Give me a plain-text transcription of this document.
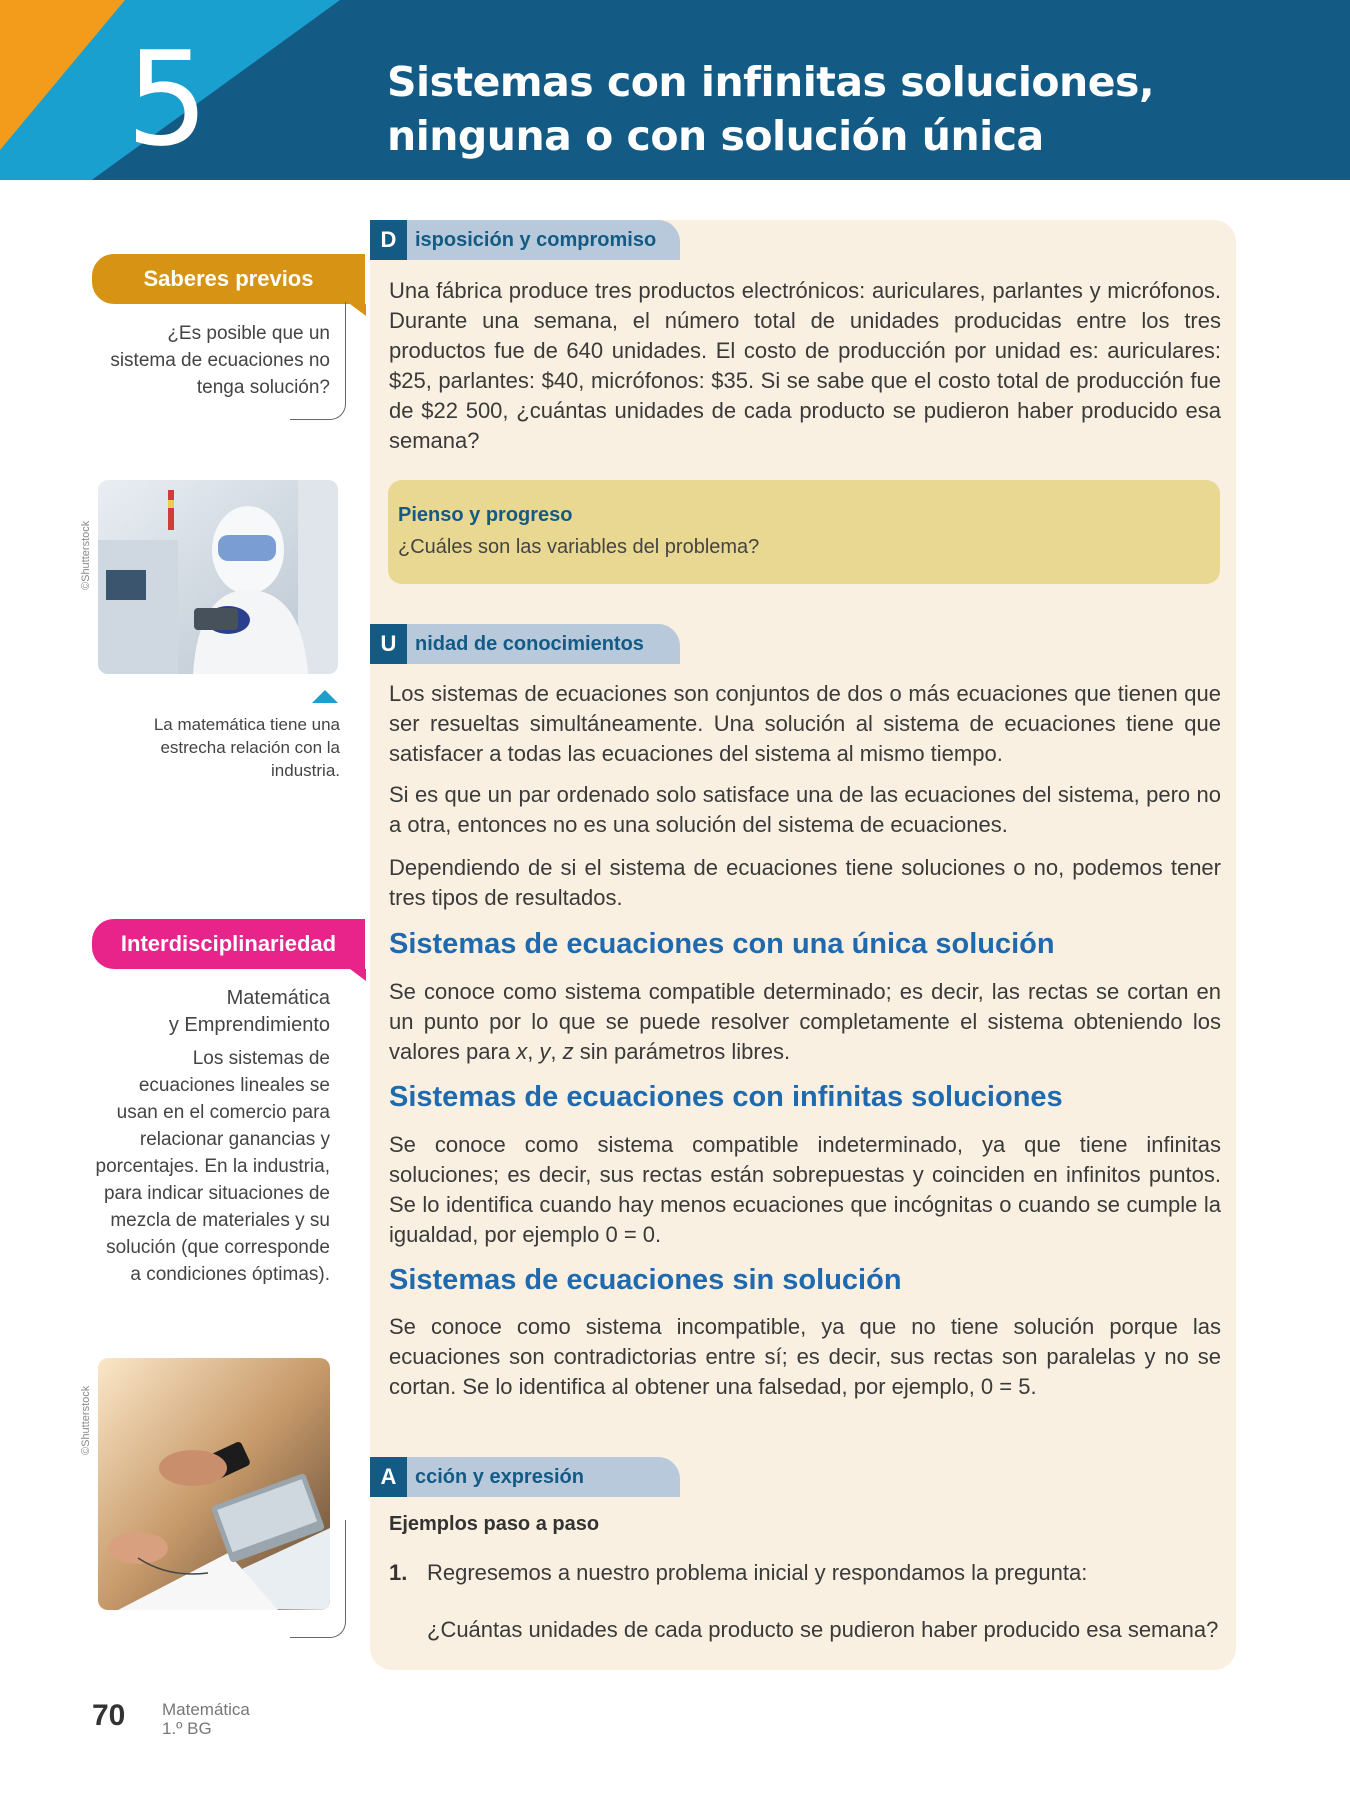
5	Sistemas con infinitas soluciones,
ninguna o con solución única
D isposición y compromiso
Una fábrica produce tres productos electrónicos: auriculares, parlantes y micrófonos. Durante una semana, el número total de unidades producidas entre los tres productos fue de 640 unidades. El costo de producción por unidad es: auriculares: $25, parlantes: $40, micrófonos: $35. Si se sabe que el costo total de producción fue de $22 500, ¿cuántas unidades de cada producto se pudieron haber producido esa semana?
Pienso y progreso
¿Cuáles son las variables del problema?
U nidad de conocimientos
Los sistemas de ecuaciones son conjuntos de dos o más ecuaciones que tienen que ser resueltas simultáneamente. Una solución al sistema de ecuaciones tiene que satisfacer a todas las ecuaciones del sistema al mismo tiempo.
Si es que un par ordenado solo satisface una de las ecuaciones del sistema, pero no a otra, entonces no es una solución del sistema de ecuaciones.
Dependiendo de si el sistema de ecuaciones tiene soluciones o no, podemos tener tres tipos de resultados.
Sistemas de ecuaciones con una única solución
Se conoce como sistema compatible determinado; es decir, las rectas se cortan en un punto por lo que se puede resolver completamente el sistema obteniendo los valores para x, y, z sin parámetros libres.
Sistemas de ecuaciones con infinitas soluciones
Se conoce como sistema compatible indeterminado, ya que tiene infinitas soluciones; es decir, sus rectas están sobrepuestas y coinciden en infinitos puntos. Se lo identifica cuando hay menos ecuaciones que incógnitas o cuando se cumple la igualdad, por ejemplo 0 = 0.
Sistemas de ecuaciones sin solución
Se conoce como sistema incompatible, ya que no tiene solución porque las ecuaciones son contradictorias entre sí; es decir, sus rectas son paralelas y no se cortan. Se lo identifica al obtener una falsedad, por ejemplo, 0 = 5.
A cción y expresión
Ejemplos paso a paso
1. Regresemos a nuestro problema inicial y respondamos la pregunta:
¿Cuántas unidades de cada producto se pudieron haber producido esa semana?
Saberes previos
¿Es posible que un sistema de ecuaciones no tenga solución?
©Shutterstock
La matemática tiene una estrecha relación con la industria.
Interdisciplinariedad
Matemática
y Emprendimiento
Los sistemas de ecuaciones lineales se usan en el comercio para relacionar ganancias y porcentajes. En la industria, para indicar situaciones de mezcla de materiales y su solución (que corresponde a condiciones óptimas).
©Shutterstock
70 Matemática
1.º BG
